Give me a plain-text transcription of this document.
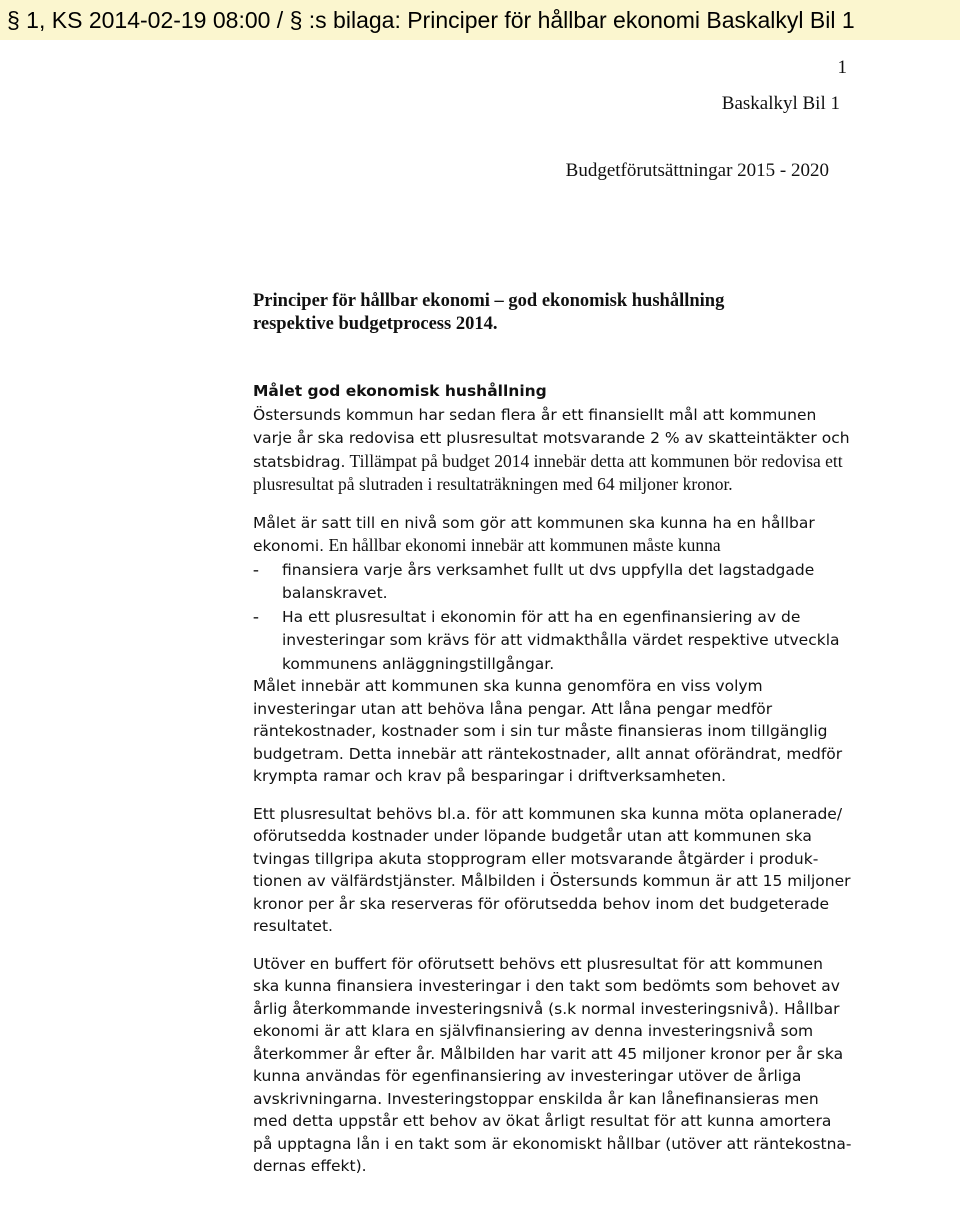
§ 1, KS 2014-02-19 08:00 / § :s bilaga: Principer för hållbar ekonomi Baskalkyl Bil 1
1
Baskalkyl Bil 1
Budgetförutsättningar 2015 - 2020
Principer för hållbar ekonomi – god ekonomisk hushållning
respektive budgetprocess 2014.

Målet god ekonomisk hushållning

Östersunds kommun har sedan flera år ett finansiellt mål att kommunen varje år ska redovisa ett plusresultat motsvarande 2 % av skatteintäkter och statsbidrag. Tillämpat på budget 2014 innebär detta att kommunen bör redovisa ett plusresultat på slutraden i resultaträkningen med 64 miljoner kronor.

Målet är satt till en nivå som gör att kommunen ska kunna ha en hållbar ekonomi. En hållbar ekonomi innebär att kommunen måste kunna

- finansiera varje års verksamhet fullt ut dvs uppfylla det lagstadgade balanskravet.
- Ha ett plusresultat i ekonomin för att ha en egenfinansiering av de investeringar som krävs för att vidmakthålla värdet respektive utveckla kommunens anläggningstillgångar.

Målet innebär att kommunen ska kunna genomföra en viss volym investeringar utan att behöva låna pengar. Att låna pengar medför räntekostnader, kostnader som i sin tur måste finansieras inom tillgänglig budgetram. Detta innebär att räntekostnader, allt annat oförändrat, medför krympta ramar och krav på besparingar i driftverksamheten.

Ett plusresultat behövs bl.a. för att kommunen ska kunna möta oplanerade/ oförutsedda kostnader under löpande budgetår utan att kommunen ska tvingas tillgripa akuta stopprogram eller motsvarande åtgärder i produk- tionen av välfärdstjänster. Målbilden i Östersunds kommun är att 15 miljoner kronor per år ska reserveras för oförutsedda behov inom det budgeterade resultatet.

Utöver en buffert för oförutsett behövs ett plusresultat för att kommunen ska kunna finansiera investeringar i den takt som bedömts som behovet av årlig återkommande investeringsnivå (s.k normal investeringsnivå). Hållbar ekonomi är att klara en självfinansiering av denna investeringsnivå som återkommer år efter år. Målbilden har varit att 45 miljoner kronor per år ska kunna användas för egenfinansiering av investeringar utöver de årliga avskrivningarna. Investeringstoppar enskilda år kan lånefinansieras men med detta uppstår ett behov av ökat årligt resultat för att kunna amortera på upptagna lån i en takt som är ekonomiskt hållbar (utöver att räntekostna- dernas effekt).
